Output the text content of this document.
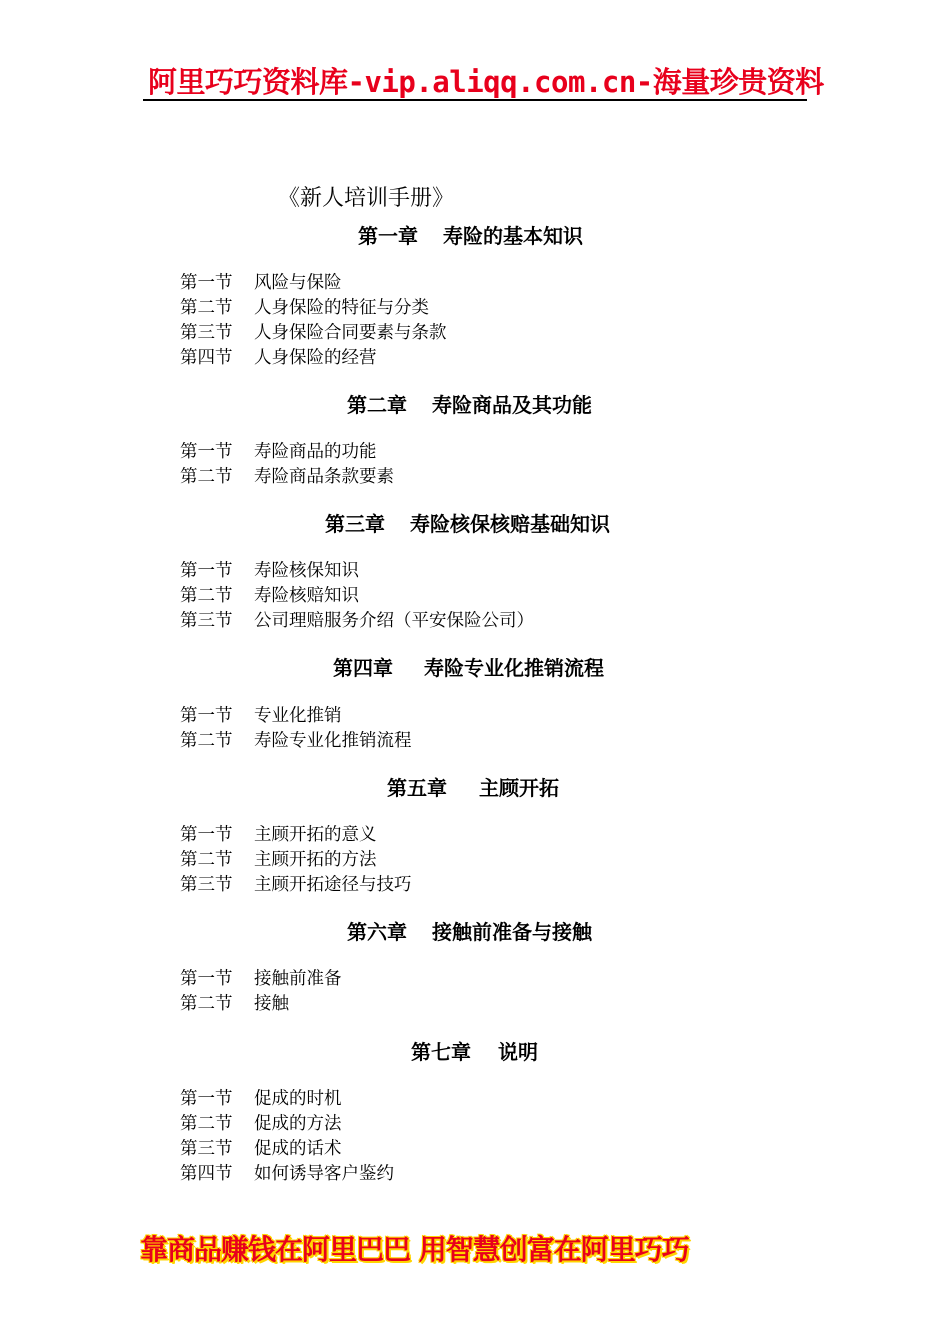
阿里巧巧资料库-vip.aliqq.com.cn-海量珍贵资料
《新人培训手册》
第一章 寿险的基本知识
第一节 风险与保险
第二节 人身保险的特征与分类
第三节 人身保险合同要素与条款
第四节 人身保险的经营
第二章 寿险商品及其功能
第一节 寿险商品的功能
第二节 寿险商品条款要素
第三章 寿险核保核赔基础知识
第一节 寿险核保知识
第二节 寿险核赔知识
第三节 公司理赔服务介绍（平安保险公司）
第四章 寿险专业化推销流程
第一节 专业化推销
第二节 寿险专业化推销流程
第五章 主顾开拓
第一节 主顾开拓的意义
第二节 主顾开拓的方法
第三节 主顾开拓途径与技巧
第六章 接触前准备与接触
第一节 接触前准备
第二节 接触
第七章 说明
第一节 促成的时机
第二节 促成的方法
第三节 促成的话术
第四节 如何诱导客户鉴约
靠商品赚钱在阿里巴巴 用智慧创富在阿里巧巧
